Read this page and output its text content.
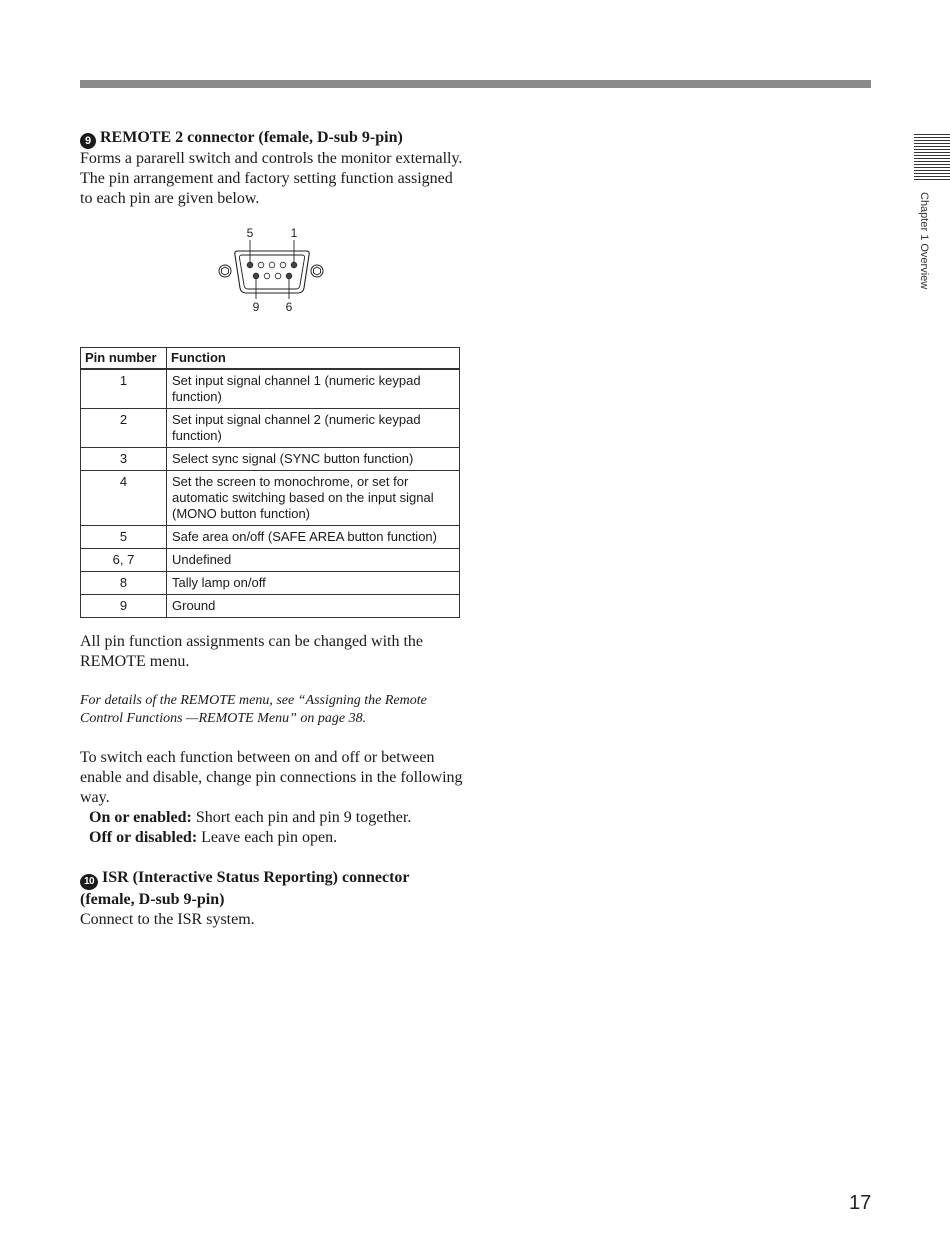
Chapter 1 Overview
9 REMOTE 2 connector (female, D-sub 9-pin)

Forms a pararell switch and controls the monitor externally. The pin arrangement and factory setting function assigned to each pin are given below.

5	1
9 6
Pin number	Function
1	Set input signal channel 1 (numeric keypad function)
2	Set input signal channel 2 (numeric keypad function)
3	Select sync signal (SYNC button function)
4	Set the screen to monochrome, or set for automatic switching based on the input signal (MONO button function)
5	Safe area on/off (SAFE AREA button function)
6, 7	Undefined
8	Tally lamp on/off
9	Ground

All pin function assignments can be changed with the REMOTE menu.

For details of the REMOTE menu, see “Assigning the Remote Control Functions —REMOTE Menu” on page 38.

To switch each function between on and off or between enable and disable, change pin connections in the following way.

On or enabled: Short each pin and pin 9 together.

Off or disabled: Leave each pin open.

10 ISR (Interactive Status Reporting) connector (female, D-sub 9-pin)

Connect to the ISR system.

17
